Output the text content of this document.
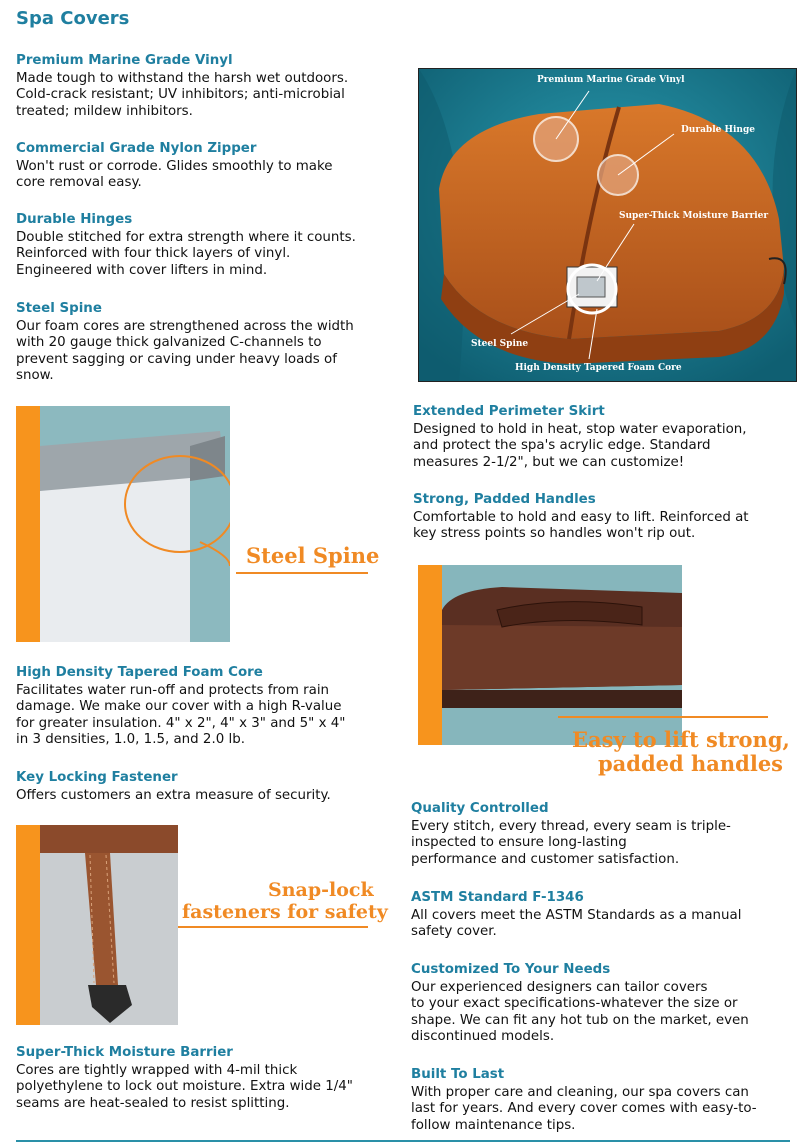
Spa Covers
Premium Marine Grade Vinyl

Made tough to withstand the harsh wet outdoors.

Cold-crack resistant; UV inhibitors; anti-microbial

treated; mildew inhibitors.

Commercial Grade Nylon Zipper

Won't rust or corrode. Glides smoothly to make

core removal easy.

Durable Hinges

Double stitched for extra strength where it counts.

Reinforced with four thick layers of vinyl.

Engineered with cover lifters in mind.

Steel Spine

Our foam cores are strengthened across the width

with 20 gauge thick galvanized C-channels to

prevent sagging or caving under heavy loads of

snow.

Premium Marine Grade Vinyl
Durable Hinge
Super-Thick Moisture Barrier
Steel Spine
High Density Tapered Foam Core
Steel Spine
Extended Perimeter Skirt

Designed to hold in heat, stop water evaporation,

and protect the spa's acrylic edge. Standard

measures 2-1/2", but we can customize!

Strong, Padded Handles

Comfortable to hold and easy to lift. Reinforced at

key stress points so handles won't rip out.

Easy to lift strong,
padded handles
High Density Tapered Foam Core

Facilitates water run-off and protects from rain

damage. We make our cover with a high R-value

for greater insulation. 4" x 2", 4" x 3" and 5" x 4"

in 3 densities, 1.0, 1.5, and 2.0 lb.

Key Locking Fastener

Offers customers an extra measure of security.

Snap-lock
fasteners for safety
Super-Thick Moisture Barrier

Cores are tightly wrapped with 4-mil thick

polyethylene to lock out moisture. Extra wide 1/4"

seams are heat-sealed to resist splitting.

Quality Controlled

Every stitch, every thread, every seam is triple-

inspected to ensure long-lasting

performance and customer satisfaction.

ASTM Standard F-1346

All covers meet the ASTM Standards as a manual

safety cover.

Customized To Your Needs

Our experienced designers can tailor covers

to your exact specifications-whatever the size or

shape. We can fit any hot tub on the market, even

discontinued models.

Built To Last

With proper care and cleaning, our spa covers can

last for years. And every cover comes with easy-to-

follow maintenance tips.
